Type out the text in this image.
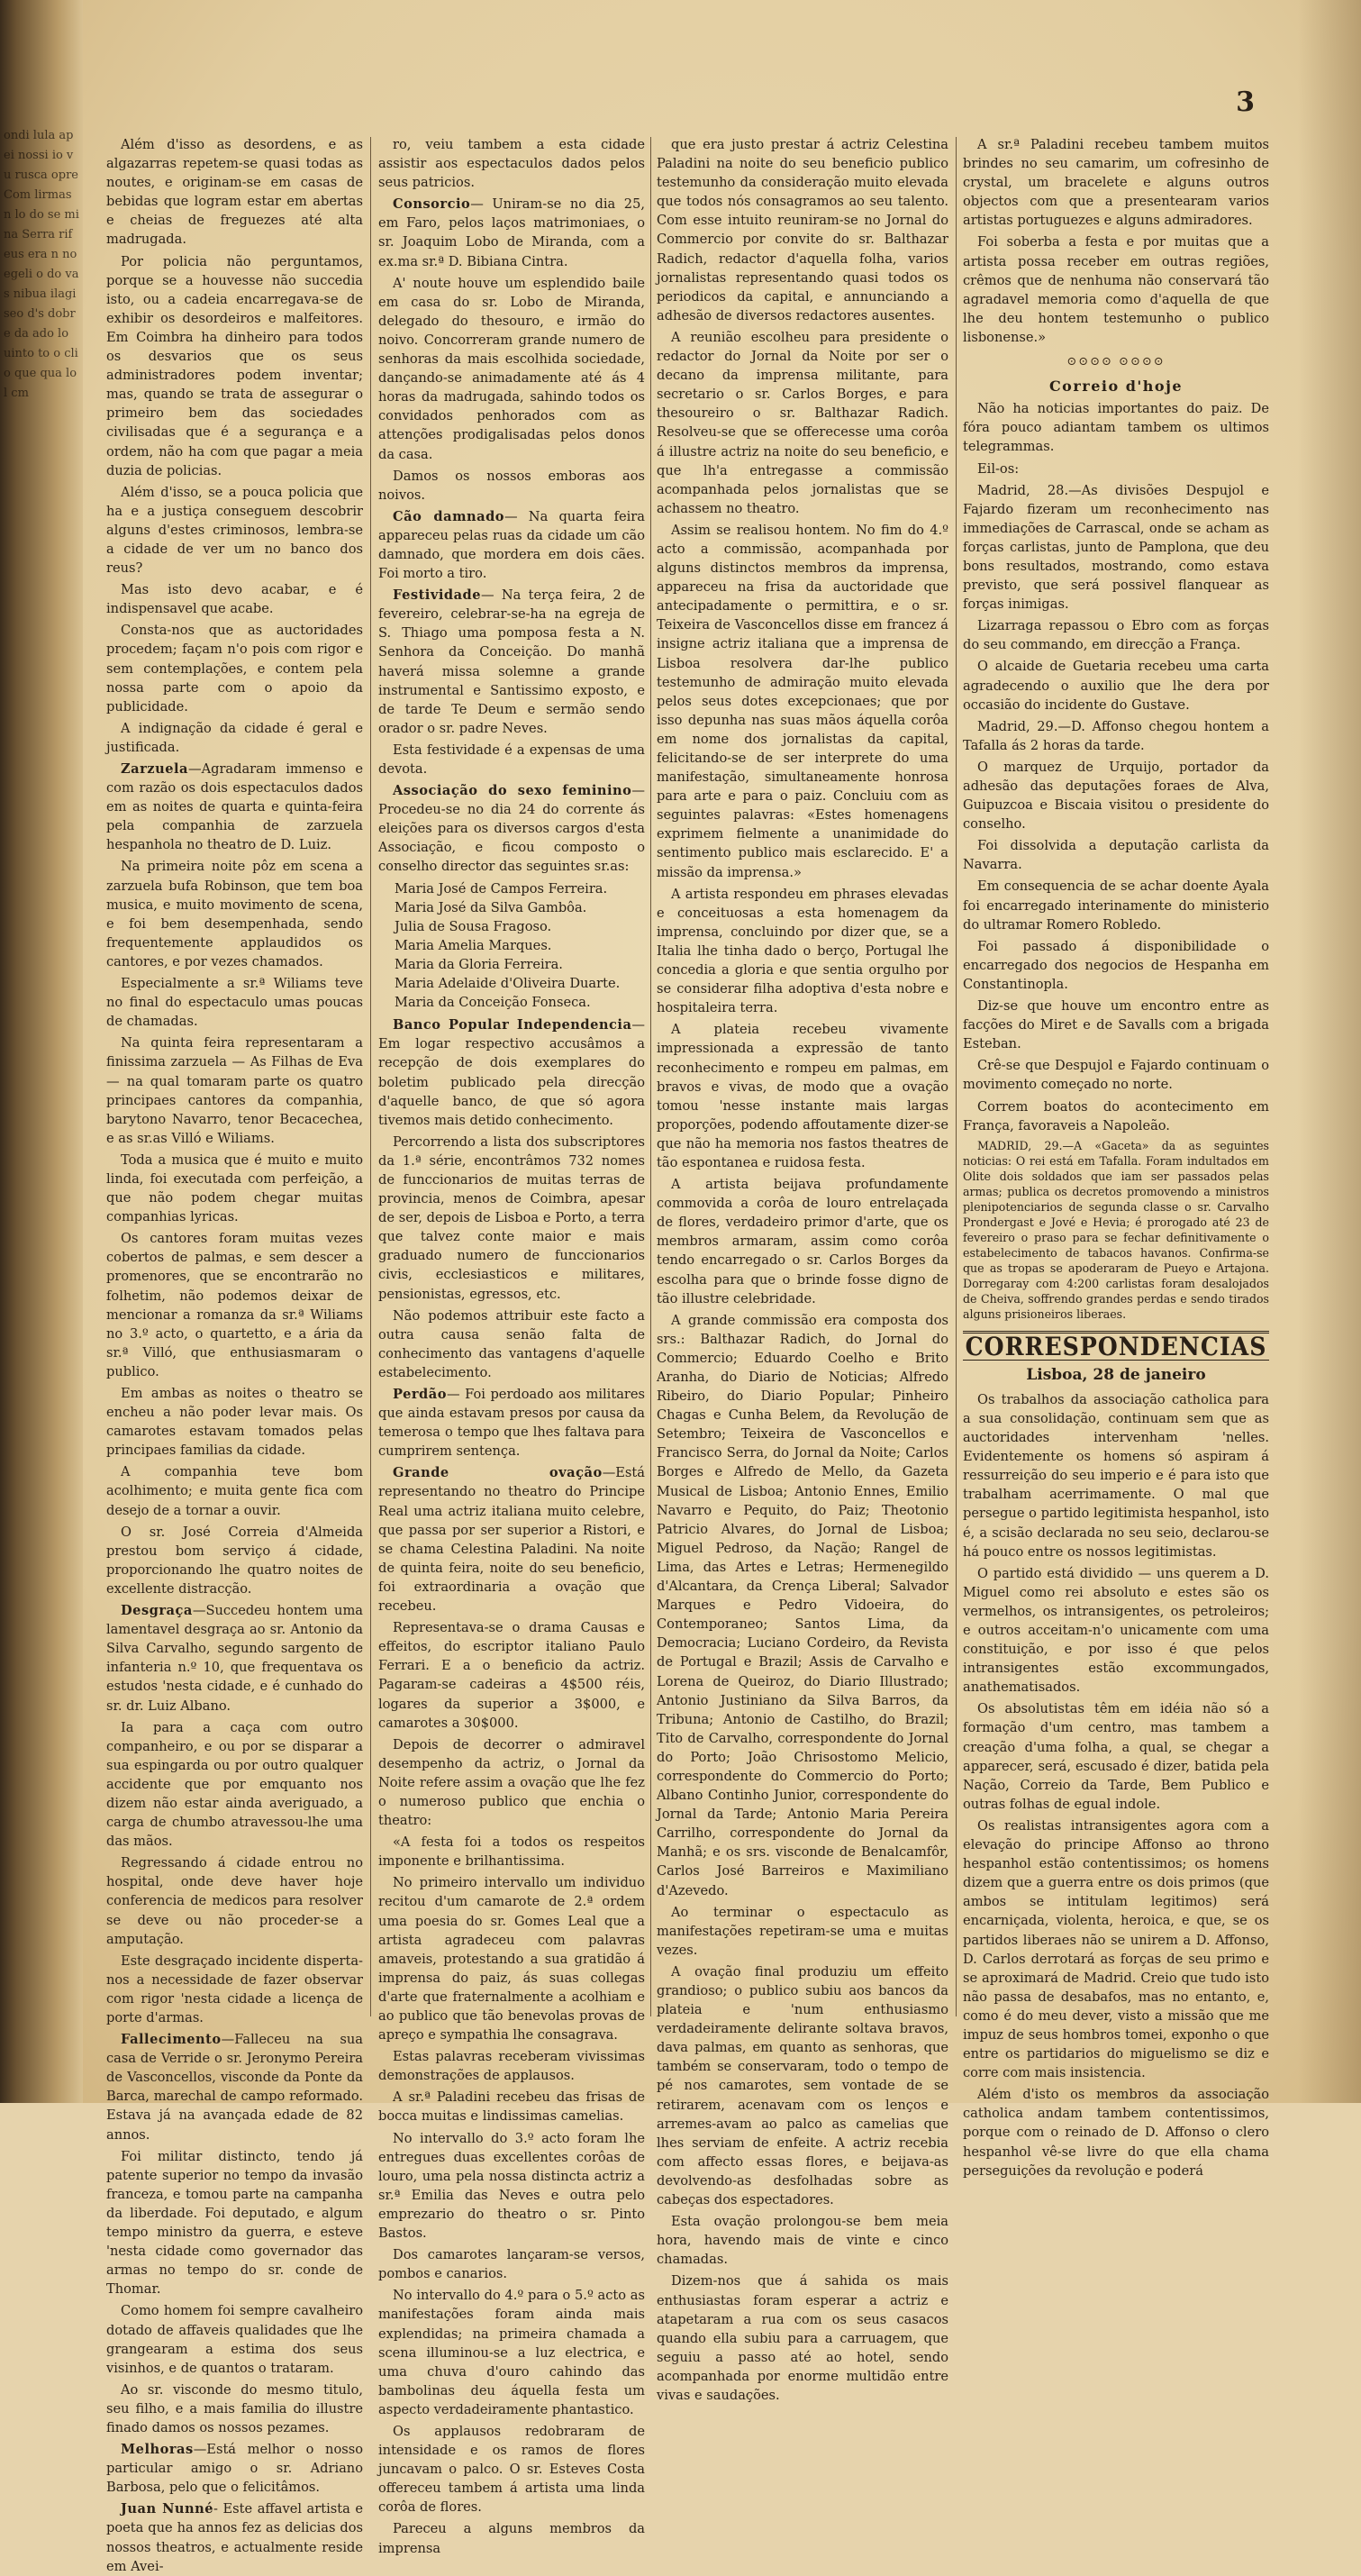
ondi lula apei nossi io vu rusca opre Com lirmas n lo do se mina Serra rifeus era n no egeli o do vas nibua ilagi seo d's dobre da ado lo uinto to o cli o que qua lol cm
3

Além d'isso as desordens, e as algazarras repetem-se quasi todas as noutes, e originam-se em casas de bebidas que logram estar em abertas e cheias de freguezes até alta madrugada.

Por policia não perguntamos, porque se a houvesse não succedia isto, ou a cadeia encarregava-se de exhibir os desordeiros e malfeitores. Em Coimbra ha dinheiro para todos os desvarios que os seus administradores podem inventar; mas, quando se trata de assegurar o primeiro bem das sociedades civilisadas que é a segurança e a ordem, não ha com que pagar a meia duzia de policias.

Além d'isso, se a pouca policia que ha e a justiça conseguem descobrir alguns d'estes criminosos, lembra-se a cidade de ver um no banco dos reus?

Mas isto devo acabar, e é indispensavel que acabe.

Consta-nos que as auctoridades procedem; façam n'o pois com rigor e sem contemplações, e contem pela nossa parte com o apoio da publicidade.

A indignação da cidade é geral e justificada.

Zarzuela—Agradaram immenso e com razão os dois espectaculos dados em as noites de quarta e quinta-feira pela companhia de zarzuela hespanhola no theatro de D. Luiz.

Na primeira noite pôz em scena a zarzuela bufa Robinson, que tem boa musica, e muito movimento de scena, e foi bem desempenhada, sendo frequentemente applaudidos os cantores, e por vezes chamados.

Especialmente a sr.ª Wiliams teve no final do espectaculo umas poucas de chamadas.

Na quinta feira representaram a finissima zarzuela — As Filhas de Eva — na qual tomaram parte os quatro principaes cantores da companhia, barytono Navarro, tenor Becacechea, e as sr.as Villó e Wiliams.

Toda a musica que é muito e muito linda, foi executada com perfeição, a que não podem chegar muitas companhias lyricas.

Os cantores foram muitas vezes cobertos de palmas, e sem descer a promenores, que se encontrarão no folhetim, não podemos deixar de mencionar a romanza da sr.ª Wiliams no 3.º acto, o quartetto, e a ária da sr.ª Villó, que enthusiasmaram o publico.

Em ambas as noites o theatro se encheu a não poder levar mais. Os camarotes estavam tomados pelas principaes familias da cidade.

A companhia teve bom acolhimento; e muita gente fica com desejo de a tornar a ouvir.

O sr. José Correia d'Almeida prestou bom serviço á cidade, proporcionando lhe quatro noites de excellente distracção.

Desgraça—Succedeu hontem uma lamentavel desgraça ao sr. Antonio da Silva Carvalho, segundo sargento de infanteria n.º 10, que frequentava os estudos 'nesta cidade, e é cunhado do sr. dr. Luiz Albano.

Ia para a caça com outro companheiro, e ou por se disparar a sua espingarda ou por outro qualquer accidente que por emquanto nos dizem não estar ainda averiguado, a carga de chumbo atravessou-lhe uma das mãos.

Regressando á cidade entrou no hospital, onde deve haver hoje conferencia de medicos para resolver se deve ou não proceder-se a amputação.

Este desgraçado incidente disperta-nos a necessidade de fazer observar com rigor 'nesta cidade a licença de porte d'armas.

Fallecimento—Falleceu na sua casa de Verride o sr. Jeronymo Pereira de Vasconcellos, visconde da Ponte da Barca, marechal de campo reformado. Estava já na avançada edade de 82 annos.

Foi militar distincto, tendo já patente superior no tempo da invasão franceza, e tomou parte na campanha da liberdade. Foi deputado, e algum tempo ministro da guerra, e esteve 'nesta cidade como governador das armas no tempo do sr. conde de Thomar.

Como homem foi sempre cavalheiro dotado de affaveis qualidades que lhe grangearam a estima dos seus visinhos, e de quantos o trataram.

Ao sr. visconde do mesmo titulo, seu filho, e a mais familia do illustre finado damos os nossos pezames.

Melhoras—Está melhor o nosso particular amigo o sr. Adriano Barbosa, pelo que o felicitâmos.

Juan Nunné- Este affavel artista e poeta que ha annos fez as delicias dos nossos theatros, e actualmente reside em Avei-

ro, veiu tambem a esta cidade assistir aos espectaculos dados pelos seus patricios.

Consorcio— Uniram-se no dia 25, em Faro, pelos laços matrimoniaes, o sr. Joaquim Lobo de Miranda, com a ex.ma sr.ª D. Bibiana Cintra.

A' noute houve um esplendido baile em casa do sr. Lobo de Miranda, delegado do thesouro, e irmão do noivo. Concorreram grande numero de senhoras da mais escolhida sociedade, dançando-se animadamente até ás 4 horas da madrugada, sahindo todos os convidados penhorados com as attenções prodigalisadas pelos donos da casa.

Damos os nossos emboras aos noivos.

Cão damnado— Na quarta feira appareceu pelas ruas da cidade um cão damnado, que mordera em dois cães. Foi morto a tiro.

Festividade— Na terça feira, 2 de fevereiro, celebrar-se-ha na egreja de S. Thiago uma pomposa festa a N. Senhora da Conceição. Do manhã haverá missa solemne a grande instrumental e Santissimo exposto, e de tarde Te Deum e sermão sendo orador o sr. padre Neves.

Esta festividade é a expensas de uma devota.

Associação do sexo feminino— Procedeu-se no dia 24 do corrente ás eleições para os diversos cargos d'esta Associação, e ficou composto o conselho director das seguintes sr.as:

Maria José de Campos Ferreira.
Maria José da Silva Gambôa.
Julia de Sousa Fragoso.
Maria Amelia Marques.
Maria da Gloria Ferreira.
Maria Adelaide d'Oliveira Duarte.
Maria da Conceição Fonseca.

Banco Popular Independencia—Em logar respectivo accusâmos a recepção de dois exemplares do boletim publicado pela direcção d'aquelle banco, de que só agora tivemos mais detido conhecimento.

Percorrendo a lista dos subscriptores da 1.ª série, encontrâmos 732 nomes de funccionarios de muitas terras de provincia, menos de Coimbra, apesar de ser, depois de Lisboa e Porto, a terra que talvez conte maior e mais graduado numero de funccionarios civis, ecclesiasticos e militares, pensionistas, egressos, etc.

Não podemos attribuir este facto a outra causa senão falta de conhecimento das vantagens d'aquelle estabelecimento.

Perdão— Foi perdoado aos militares que ainda estavam presos por causa da temerosa o tempo que lhes faltava para cumprirem sentença.

Grande ovação—Está representando no theatro do Principe Real uma actriz italiana muito celebre, que passa por ser superior a Ristori, e se chama Celestina Paladini. Na noite de quinta feira, noite do seu beneficio, foi extraordinaria a ovação que recebeu.

Representava-se o drama Causas e effeitos, do escriptor italiano Paulo Ferrari. E a o beneficio da actriz. Pagaram-se cadeiras a 4$500 réis, logares da superior a 3$000, e camarotes a 30$000.

Depois de decorrer o admiravel desempenho da actriz, o Jornal da Noite refere assim a ovação que lhe fez o numeroso publico que enchia o theatro:

«A festa foi a todos os respeitos imponente e brilhantissima.

No primeiro intervallo um individuo recitou d'um camarote de 2.ª ordem uma poesia do sr. Gomes Leal que a artista agradeceu com palavras amaveis, protestando a sua gratidão á imprensa do paiz, ás suas collegas d'arte que fraternalmente a acolhiam e ao publico que tão benevolas provas de apreço e sympathia lhe consagrava.

Estas palavras receberam vivissimas demonstrações de applausos.

A sr.ª Paladini recebeu das frisas de bocca muitas e lindissimas camelias.

No intervallo do 3.º acto foram lhe entregues duas excellentes corôas de louro, uma pela nossa distincta actriz a sr.ª Emilia das Neves e outra pelo emprezario do theatro o sr. Pinto Bastos.

Dos camarotes lançaram-se versos, pombos e canarios.

No intervallo do 4.º para o 5.º acto as manifestações foram ainda mais explendidas; na primeira chamada a scena illuminou-se a luz electrica, e uma chuva d'ouro cahindo das bambolinas deu áquella festa um aspecto verdadeiramente phantastico.

Os applausos redobraram de intensidade e os ramos de flores juncavam o palco. O sr. Esteves Costa offereceu tambem á artista uma linda corôa de flores.

Pareceu a alguns membros da imprensa

que era justo prestar á actriz Celestina Paladini na noite do seu beneficio publico testemunho da consideração muito elevada que todos nós consagramos ao seu talento. Com esse intuito reuniram-se no Jornal do Commercio por convite do sr. Balthazar Radich, redactor d'aquella folha, varios jornalistas representando quasi todos os periodicos da capital, e annunciando a adhesão de diversos redactores ausentes.

A reunião escolheu para presidente o redactor do Jornal da Noite por ser o decano da imprensa militante, para secretario o sr. Carlos Borges, e para thesoureiro o sr. Balthazar Radich. Resolveu-se que se offerecesse uma corôa á illustre actriz na noite do seu beneficio, e que lh'a entregasse a commissão acompanhada pelos jornalistas que se achassem no theatro.

Assim se realisou hontem. No fim do 4.º acto a commissão, acompanhada por alguns distinctos membros da imprensa, appareceu na frisa da auctoridade que antecipadamente o permittira, e o sr. Teixeira de Vasconcellos disse em francez á insigne actriz italiana que a imprensa de Lisboa resolvera dar-lhe publico testemunho de admiração muito elevada pelos seus dotes excepcionaes; que por isso depunha nas suas mãos áquella corôa em nome dos jornalistas da capital, felicitando-se de ser interprete do uma manifestação, simultaneamente honrosa para arte e para o paiz. Concluiu com as seguintes palavras: «Estes homenagens exprimem fielmente a unanimidade do sentimento publico mais esclarecido. E' a missão da imprensa.»

A artista respondeu em phrases elevadas e conceituosas a esta homenagem da imprensa, concluindo por dizer que, se a Italia lhe tinha dado o berço, Portugal lhe concedia a gloria e que sentia orgulho por se considerar filha adoptiva d'esta nobre e hospitaleira terra.

A plateia recebeu vivamente impressionada a expressão de tanto reconhecimento e rompeu em palmas, em bravos e vivas, de modo que a ovação tomou 'nesse instante mais largas proporções, podendo affoutamente dizer-se que não ha memoria nos fastos theatres de tão espontanea e ruidosa festa.

A artista beijava profundamente commovida a corôa de louro entrelaçada de flores, verdadeiro primor d'arte, que os membros armaram, assim como corôa tendo encarregado o sr. Carlos Borges da escolha para que o brinde fosse digno de tão illustre celebridade.

A grande commissão era composta dos srs.: Balthazar Radich, do Jornal do Commercio; Eduardo Coelho e Brito Aranha, do Diario de Noticias; Alfredo Ribeiro, do Diario Popular; Pinheiro Chagas e Cunha Belem, da Revolução de Setembro; Teixeira de Vasconcellos e Francisco Serra, do Jornal da Noite; Carlos Borges e Alfredo de Mello, da Gazeta Musical de Lisboa; Antonio Ennes, Emilio Navarro e Pequito, do Paiz; Theotonio Patricio Alvares, do Jornal de Lisboa; Miguel Pedroso, da Nação; Rangel de Lima, das Artes e Letras; Hermenegildo d'Alcantara, da Crença Liberal; Salvador Marques e Pedro Vidoeira, do Contemporaneo; Santos Lima, da Democracia; Luciano Cordeiro, da Revista de Portugal e Brazil; Assis de Carvalho e Lorena de Queiroz, do Diario Illustrado; Antonio Justiniano da Silva Barros, da Tribuna; Antonio de Castilho, do Brazil; Tito de Carvalho, correspondente do Jornal do Porto; João Chrisostomo Melicio, correspondente do Commercio do Porto; Albano Continho Junior, correspondente do Jornal da Tarde; Antonio Maria Pereira Carrilho, correspondente do Jornal da Manhã; e os srs. visconde de Benalcamfôr, Carlos José Barreiros e Maximiliano d'Azevedo.

Ao terminar o espectaculo as manifestações repetiram-se uma e muitas vezes.

A ovação final produziu um effeito grandioso; o publico subiu aos bancos da plateia e 'num enthusiasmo verdadeiramente delirante soltava bravos, dava palmas, em quanto as senhoras, que também se conservaram, todo o tempo de pé nos camarotes, sem vontade de se retirarem, acenavam com os lenços e arremes-avam ao palco as camelias que lhes serviam de enfeite. A actriz recebia com affecto essas flores, e beijava-as devolvendo-as desfolhadas sobre as cabeças dos espectadores.

Esta ovação prolongou-se bem meia hora, havendo mais de vinte e cinco chamadas.

Dizem-nos que á sahida os mais enthusiastas foram esperar a actriz e atapetaram a rua com os seus casacos quando ella subiu para a carruagem, que seguiu a passo até ao hotel, sendo acompanhada por enorme multidão entre vivas e saudações.

A sr.ª Paladini recebeu tambem muitos brindes no seu camarim, um cofresinho de crystal, um bracelete e alguns outros objectos com que a presentearam varios artistas portuguezes e alguns admiradores.

Foi soberba a festa e por muitas que a artista possa receber em outras regiões, crêmos que de nenhuma não conservará tão agradavel memoria como d'aquella de que lhe deu hontem testemunho o publico lisbonense.»

⊙⊙⊙⊙ ⊙⊙⊙⊙
Correio d'hoje

Não ha noticias importantes do paiz. De fóra pouco adiantam tambem os ultimos telegrammas.

Eil-os:

Madrid, 28.—As divisões Despujol e Fajardo fizeram um reconhecimento nas immediações de Carrascal, onde se acham as forças carlistas, junto de Pamplona, que deu bons resultados, mostrando, como estava previsto, que será possivel flanquear as forças inimigas.

Lizarraga repassou o Ebro com as forças do seu commando, em direcção a França.

O alcaide de Guetaria recebeu uma carta agradecendo o auxilio que lhe dera por occasião do incidente do Gustave.

Madrid, 29.—D. Affonso chegou hontem a Tafalla ás 2 horas da tarde.

O marquez de Urquijo, portador da adhesão das deputações foraes de Alva, Guipuzcoa e Biscaia visitou o presidente do conselho.

Foi dissolvida a deputação carlista da Navarra.

Em consequencia de se achar doente Ayala foi encarregado interinamente do ministerio do ultramar Romero Robledo.

Foi passado á disponibilidade o encarregado dos negocios de Hespanha em Constantinopla.

Diz-se que houve um encontro entre as facções do Miret e de Savalls com a brigada Esteban.

Crê-se que Despujol e Fajardo continuam o movimento começado no norte.

Correm boatos do acontecimento em França, favoraveis a Napoleão.

MADRID, 29.—A «Gaceta» da as seguintes noticias: O rei está em Tafalla. Foram indultados em Olite dois soldados que iam ser passados pelas armas; publica os decretos promovendo a ministros plenipotenciarios de segunda classe o sr. Carvalho Prondergast e Jové e Hevia; é prorogado até 23 de fevereiro o praso para se fechar definitivamente o estabelecimento de tabacos havanos. Confirma-se que as tropas se apoderaram de Pueyo e Artajona. Dorregaray com 4:200 carlistas foram desalojados de Cheiva, soffrendo grandes perdas e sendo tirados alguns prisioneiros liberaes.

CORRESPONDENCIAS
Lisboa, 28 de janeiro

Os trabalhos da associação catholica para a sua consolidação, continuam sem que as auctoridades intervenham 'nelles. Evidentemente os homens só aspiram á ressurreição do seu imperio e é para isto que trabalham acerrimamente. O mal que persegue o partido legitimista hespanhol, isto é, a scisão declarada no seu seio, declarou-se há pouco entre os nossos legitimistas.

O partido está dividido — uns querem a D. Miguel como rei absoluto e estes são os vermelhos, os intransigentes, os petroleiros; e outros acceitam-n'o unicamente com uma constituição, e por isso é que pelos intransigentes estão excommungados, anathematisados.

Os absolutistas têm em idéia não só a formação d'um centro, mas tambem a creação d'uma folha, a qual, se chegar a apparecer, será, escusado é dizer, batida pela Nação, Correio da Tarde, Bem Publico e outras folhas de egual indole.

Os realistas intransigentes agora com a elevação do principe Affonso ao throno hespanhol estão contentissimos; os homens dizem que a guerra entre os dois primos (que ambos se intitulam legitimos) será encarniçada, violenta, heroica, e que, se os partidos liberaes não se unirem a D. Affonso, D. Carlos derrotará as forças de seu primo e se aproximará de Madrid. Creio que tudo isto não passa de desabafos, mas no entanto, e, como é do meu dever, visto a missão que me impuz de seus hombros tomei, exponho o que entre os partidarios do miguelismo se diz e corre com mais insistencia.

Além d'isto os membros da associação catholica andam tambem contentissimos, porque com o reinado de D. Affonso o clero hespanhol vê-se livre do que ella chama perseguições da revolução e poderá
